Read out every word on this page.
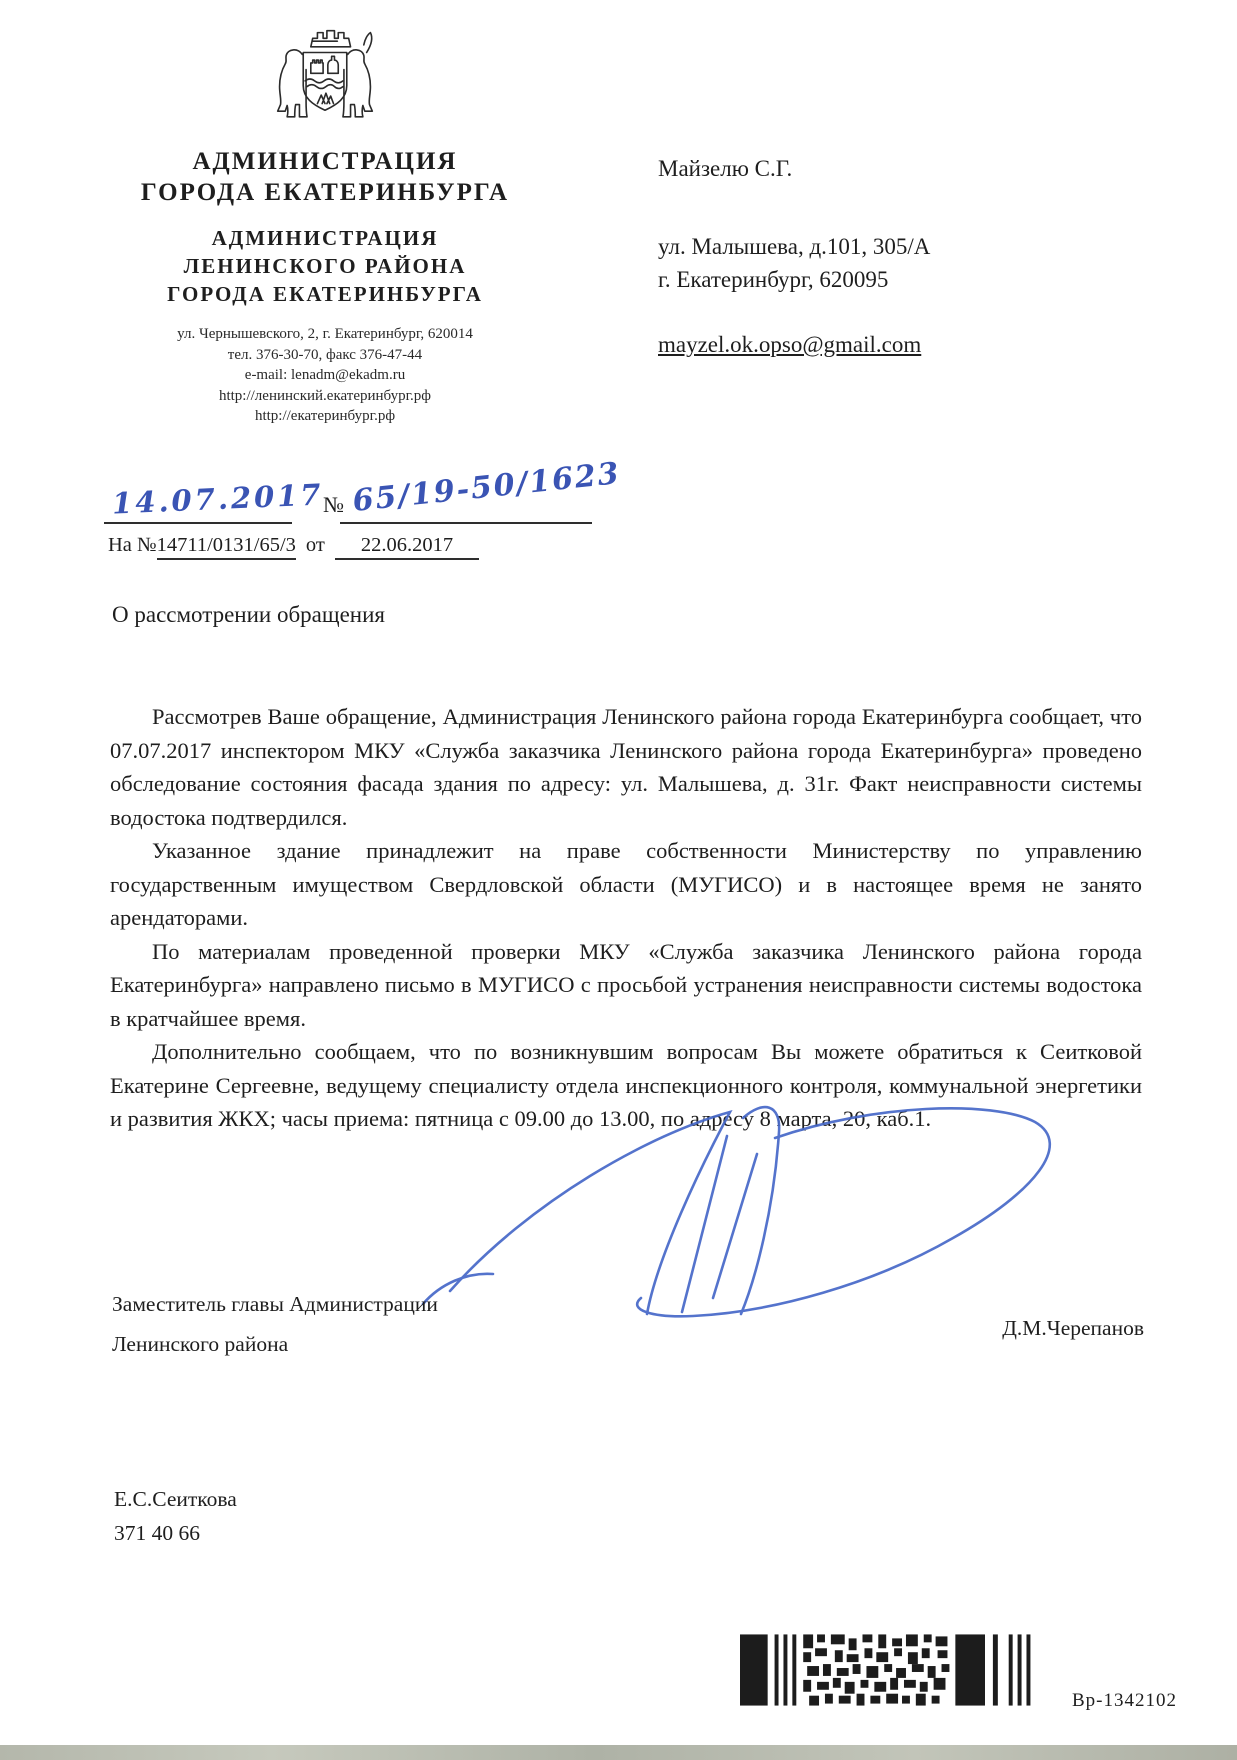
АДМИНИСТРАЦИЯ
ГОРОДА ЕКАТЕРИНБУРГА
АДМИНИСТРАЦИЯ
ЛЕНИНСКОГО РАЙОНА
ГОРОДА ЕКАТЕРИНБУРГА
ул. Чернышевского, 2, г. Екатеринбург, 620014
тел. 376-30-70, факс 376-47-44
e-mail: lenadm@ekadm.ru
http://ленинский.екатеринбург.рф
http://екатеринбург.рф
Майзелю С.Г.
ул. Малышева, д.101, 305/А
г. Екатеринбург, 620095
mayzel.ok.opso@gmail.com
14.07.2017
№ 65/19-50/1623
На №14711/0131/65/3 от 22.06.2017
О рассмотрении обращения

Рассмотрев Ваше обращение, Администрация Ленинского района города Екатеринбурга сообщает, что 07.07.2017 инспектором МКУ «Служба заказчика Ленинского района города Екатеринбурга» проведено обследование состояния фасада здания по адресу: ул. Малышева, д. 31г. Факт неисправности системы водостока подтвердился.

Указанное здание принадлежит на праве собственности Министерству по управлению государственным имуществом Свердловской области (МУГИСО) и в настоящее время не занято арендаторами.

По материалам проведенной проверки МКУ «Служба заказчика Ленинского района города Екатеринбурга» направлено письмо в МУГИСО с просьбой устранения неисправности системы водостока в кратчайшее время.

Дополнительно сообщаем, что по возникнувшим вопросам Вы можете обратиться к Сеитковой Екатерине Сергеевне, ведущему специалисту отдела инспекционного контроля, коммунальной энергетики и развития ЖКХ; часы приема: пятница с 09.00 до 13.00, по адресу 8 марта, 20, каб.1.

Заместитель главы Администрации
Ленинского района
Д.М.Черепанов
Е.С.Сеиткова
371 40 66
Вр-1342102
